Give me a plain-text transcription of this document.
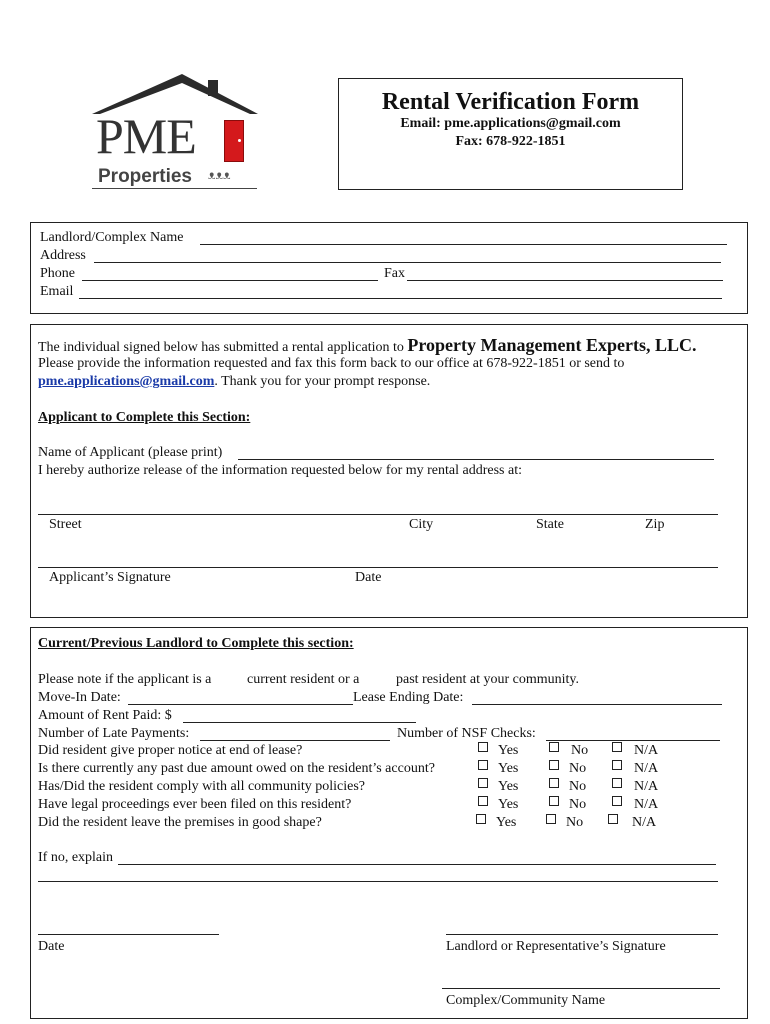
PME
Properties ᴥᴥᴥ
Rental Verification Form
Email: pme.applications@gmail.com
Fax: 678-922-1851
Landlord/Complex Name
Address
Phone	Fax
Email
The individual signed below has submitted a rental application to Property Management Experts, LLC.
Please provide the information requested and fax this form back to our office at 678-922-1851 or send to
pme.applications@gmail.com. Thank you for your prompt response.
Applicant to Complete this Section:
Name of Applicant (please print)
I hereby authorize release of the information requested below for my rental address at:
Street	City	State	Zip
Applicant’s Signature	Date
Current/Previous Landlord to Complete this section:
Please note if the applicant is a	current resident or a	past resident at your community.
Move-In Date:	Lease Ending Date:
Amount of Rent Paid: $
Number of Late Payments:	Number of NSF Checks:
Did resident give proper notice at end of lease?	Yes	No	N/A
Is there currently any past due amount owed on the resident’s account?	Yes	No	N/A
Has/Did the resident comply with all community policies?	Yes	No	N/A
Have legal proceedings ever been filed on this resident?	Yes	No	N/A
Did the resident leave the premises in good shape?	Yes	No	N/A
If no, explain
Date	Landlord or Representative’s Signature
Complex/Community Name
